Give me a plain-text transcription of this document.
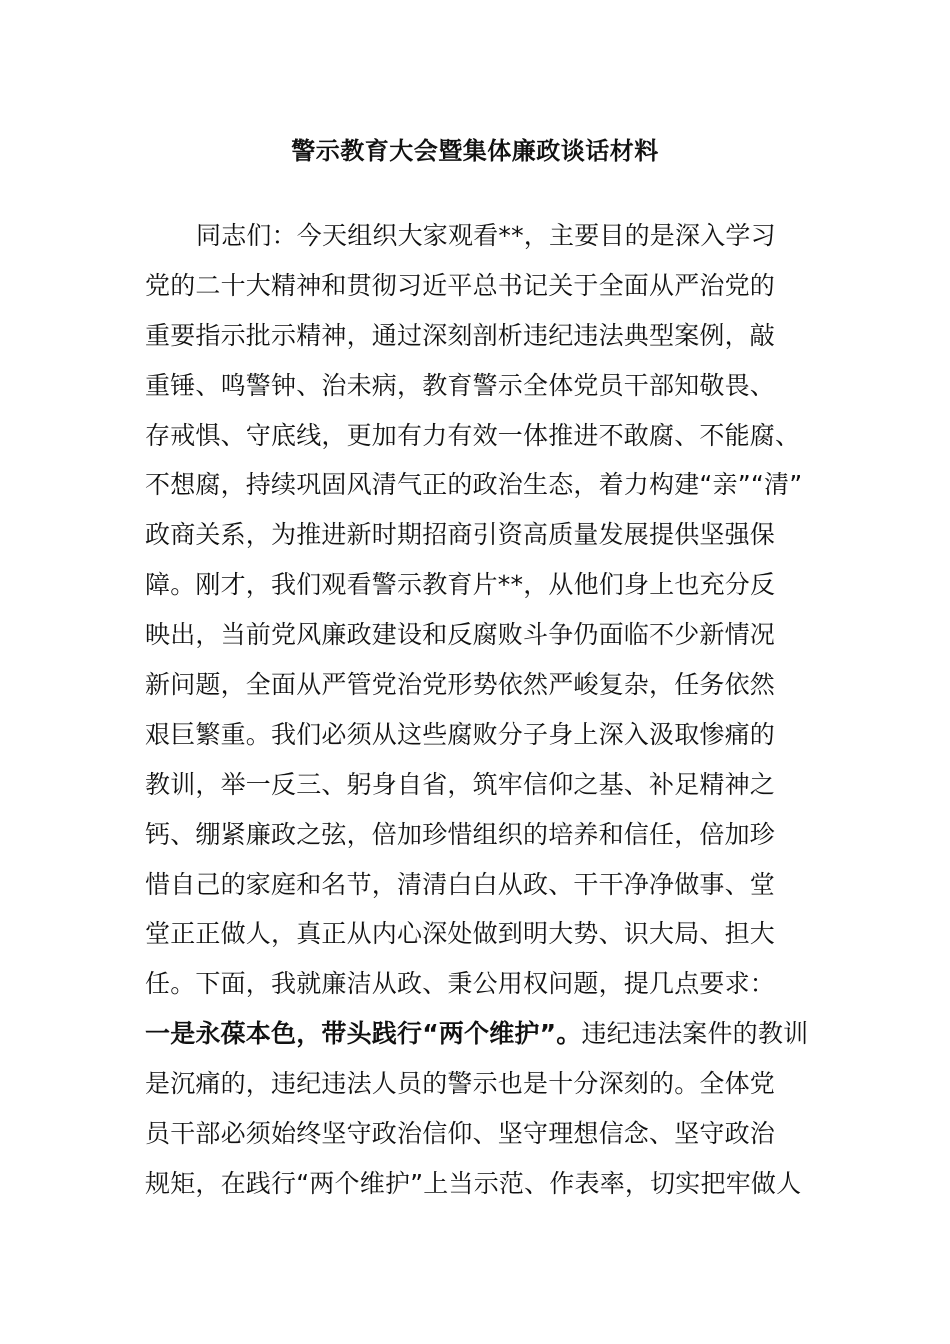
警示教育大会暨集体廉政谈话材料
同志们：今天组织大家观看**，主要目的是深入学习
党的二十大精神和贯彻习近平总书记关于全面从严治党的
重要指示批示精神，通过深刻剖析违纪违法典型案例，敲
重锤、鸣警钟、治未病，教育警示全体党员干部知敬畏、
存戒惧、守底线，更加有力有效一体推进不敢腐、不能腐、
不想腐，持续巩固风清气正的政治生态，着力构建“亲”“清”
政商关系，为推进新时期招商引资高质量发展提供坚强保
障。刚才，我们观看警示教育片**，从他们身上也充分反
映出，当前党风廉政建设和反腐败斗争仍面临不少新情况
新问题，全面从严管党治党形势依然严峻复杂，任务依然
艰巨繁重。我们必须从这些腐败分子身上深入汲取惨痛的
教训，举一反三、躬身自省，筑牢信仰之基、补足精神之
钙、绷紧廉政之弦，倍加珍惜组织的培养和信任，倍加珍
惜自己的家庭和名节，清清白白从政、干干净净做事、堂
堂正正做人，真正从内心深处做到明大势、识大局、担大
任。下面，我就廉洁从政、秉公用权问题，提几点要求：
一是永葆本色，带头践行“两个维护”。违纪违法案件的教训
是沉痛的，违纪违法人员的警示也是十分深刻的。全体党
员干部必须始终坚守政治信仰、坚守理想信念、坚守政治
规矩，在践行“两个维护”上当示范、作表率，切实把牢做人
